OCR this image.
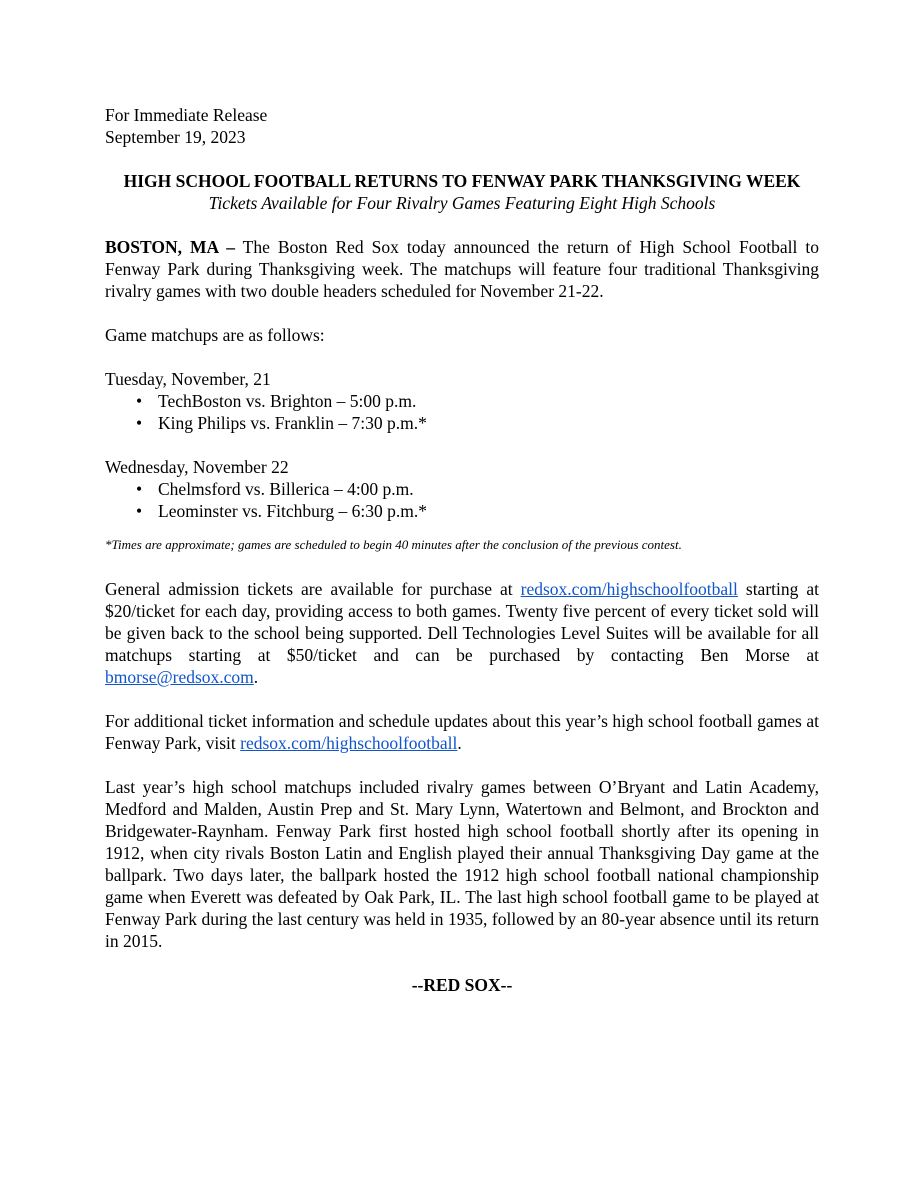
For Immediate Release

September 19, 2023

HIGH SCHOOL FOOTBALL RETURNS TO FENWAY PARK THANKSGIVING WEEK

Tickets Available for Four Rivalry Games Featuring Eight High Schools

BOSTON, MA – The Boston Red Sox today announced the return of High School Football to Fenway Park during Thanksgiving week. The matchups will feature four traditional Thanksgiving rivalry games with two double headers scheduled for November 21-22.

Game matchups are as follows:

Tuesday, November, 21

• TechBoston vs. Brighton – 5:00 p.m.
• King Philips vs. Franklin – 7:30 p.m.*

Wednesday, November 22

• Chelmsford vs. Billerica – 4:00 p.m.
• Leominster vs. Fitchburg – 6:30 p.m.*

*Times are approximate; games are scheduled to begin 40 minutes after the conclusion of the previous contest.

General admission tickets are available for purchase at redsox.com/highschoolfootball starting at $20/ticket for each day, providing access to both games. Twenty five percent of every ticket sold will be given back to the school being supported. Dell Technologies Level Suites will be available for all matchups starting at $50/ticket and can be purchased by contacting Ben Morse at bmorse@redsox.com.

For additional ticket information and schedule updates about this year’s high school football games at Fenway Park, visit redsox.com/highschoolfootball.

Last year’s high school matchups included rivalry games between O’Bryant and Latin Academy, Medford and Malden, Austin Prep and St. Mary Lynn, Watertown and Belmont, and Brockton and Bridgewater-Raynham. Fenway Park first hosted high school football shortly after its opening in 1912, when city rivals Boston Latin and English played their annual Thanksgiving Day game at the ballpark. Two days later, the ballpark hosted the 1912 high school football national championship game when Everett was defeated by Oak Park, IL. The last high school football game to be played at Fenway Park during the last century was held in 1935, followed by an 80-year absence until its return in 2015.

--RED SOX--
